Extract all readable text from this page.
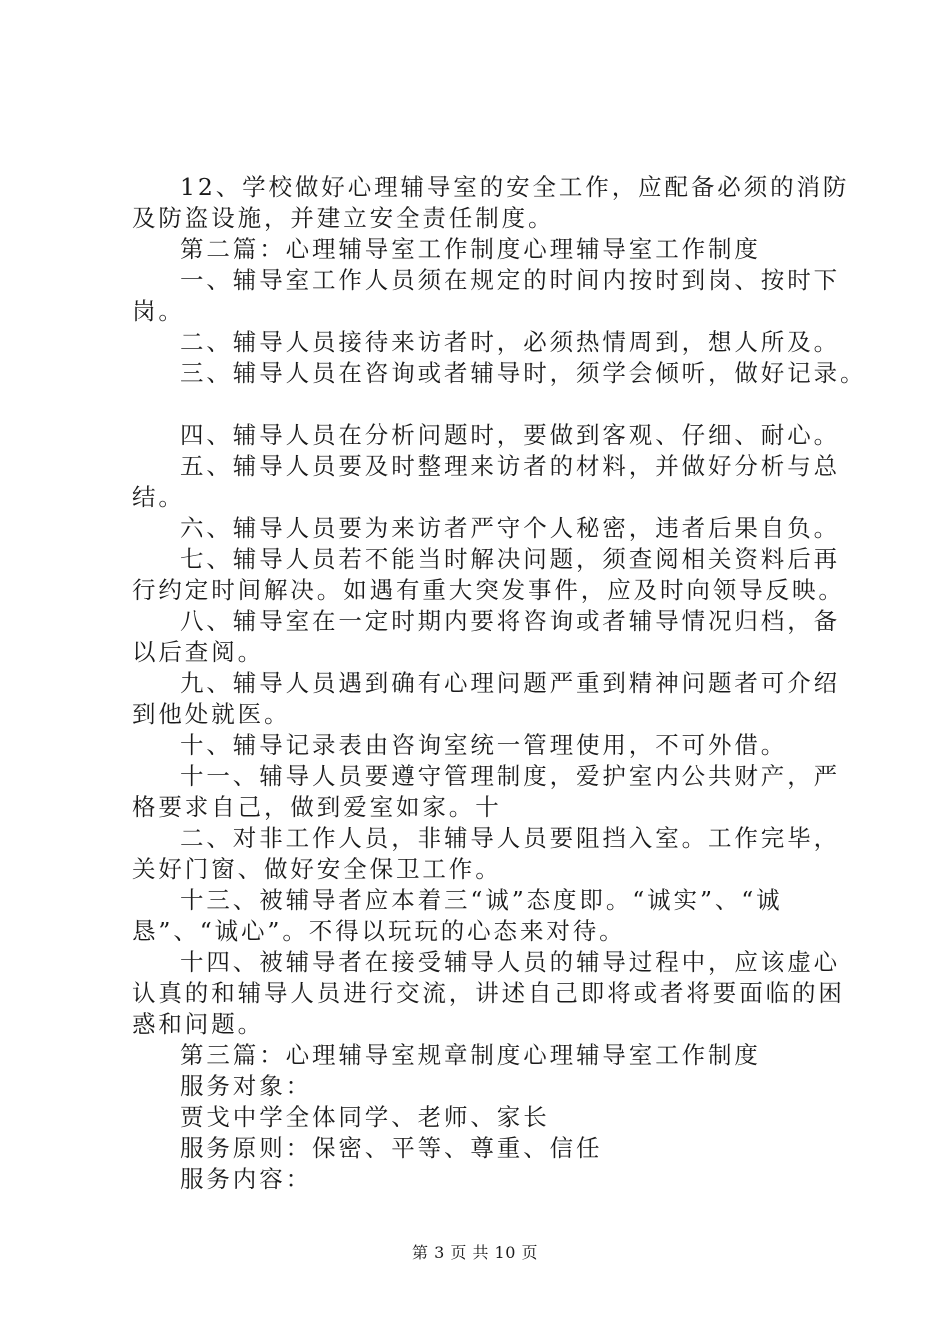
12、学校做好心理辅导室的安全工作，应配备必须的消防

及防盗设施，并建立安全责任制度。

第二篇：心理辅导室工作制度心理辅导室工作制度

一、辅导室工作人员须在规定的时间内按时到岗、按时下

岗。

二、辅导人员接待来访者时，必须热情周到，想人所及。

三、辅导人员在咨询或者辅导时，须学会倾听，做好记录。

四、辅导人员在分析问题时，要做到客观、仔细、耐心。

五、辅导人员要及时整理来访者的材料，并做好分析与总

结。

六、辅导人员要为来访者严守个人秘密，违者后果自负。

七、辅导人员若不能当时解决问题，须查阅相关资料后再

行约定时间解决。如遇有重大突发事件，应及时向领导反映。

八、辅导室在一定时期内要将咨询或者辅导情况归档，备

以后查阅。

九、辅导人员遇到确有心理问题严重到精神问题者可介绍

到他处就医。

十、辅导记录表由咨询室统一管理使用，不可外借。

十一、辅导人员要遵守管理制度，爱护室内公共财产，严

格要求自己，做到爱室如家。十

二、对非工作人员，非辅导人员要阻挡入室。工作完毕，

关好门窗、做好安全保卫工作。

十三、被辅导者应本着三“诚”态度即。“诚实”、“诚

恳”、“诚心”。不得以玩玩的心态来对待。

十四、被辅导者在接受辅导人员的辅导过程中，应该虚心

认真的和辅导人员进行交流，讲述自己即将或者将要面临的困

惑和问题。

第三篇：心理辅导室规章制度心理辅导室工作制度

服务对象：

贾戈中学全体同学、老师、家长

服务原则：保密、平等、尊重、信任

服务内容：

第 3 页 共 10 页
